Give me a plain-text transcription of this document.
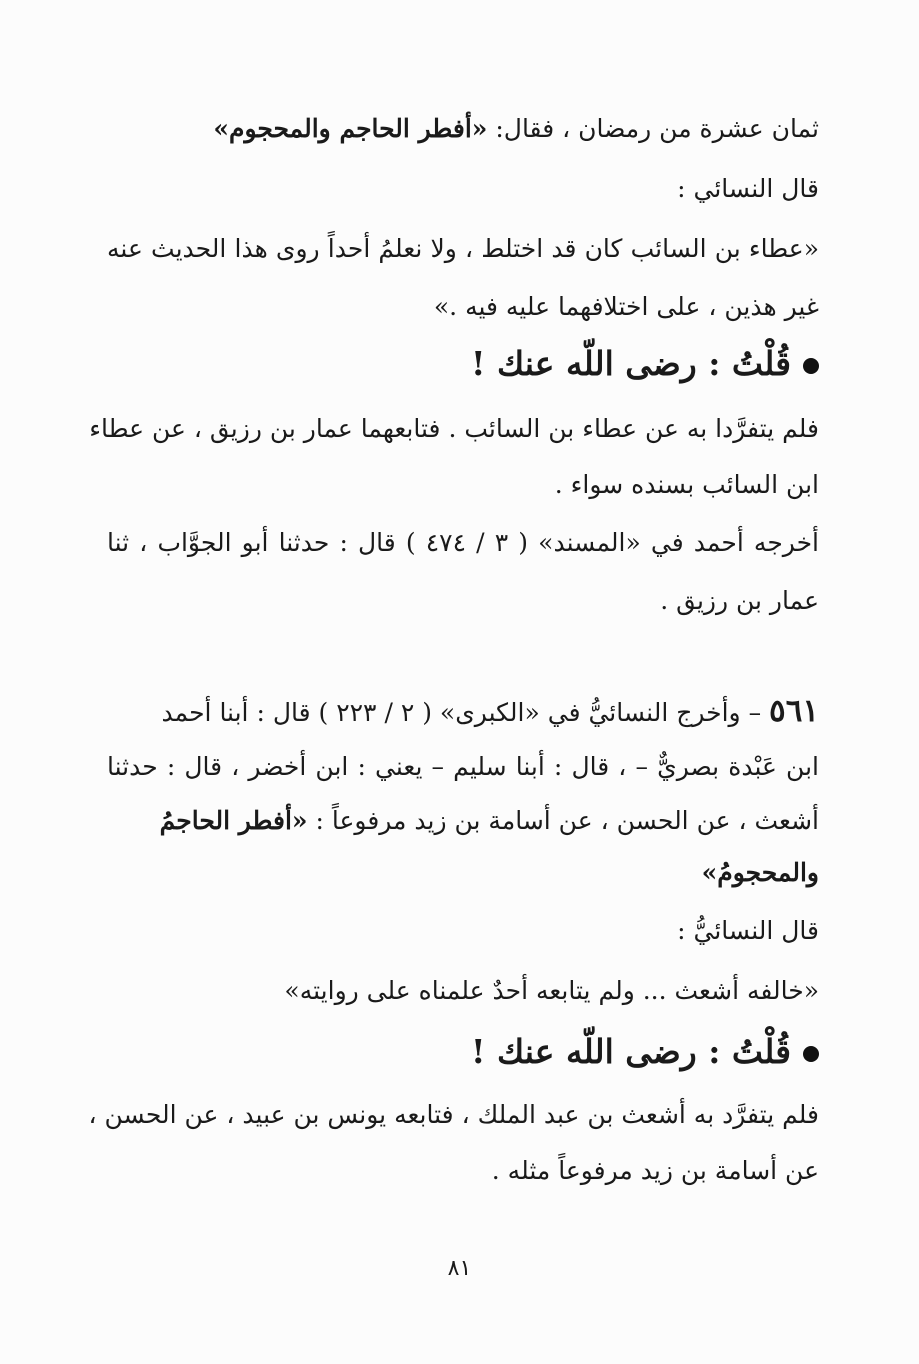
ثمان عشرة من رمضان ، فقال: «أفطر الحاجم والمحجوم»
قال النسائي :
«عطاء بن السائب كان قد اختلط ، ولا نعلمُ أحداً روى هذا الحديث عنه
غير هذين ، على اختلافهما عليه فيه .»
قُلْتُ : رضى اللّه عنك !
فلم يتفرَّدا به عن عطاء بن السائب . فتابعهما عمار بن رزيق ، عن عطاء
ابن السائب بسنده سواء .
أخرجه أحمد في «المسند» ( ٣ / ٤٧٤ ) قال : حدثنا أبو الجوَّاب ، ثنا
عمار بن رزيق .
٥٦١ – وأخرج النسائيُّ في «الكبرى» ( ٢ / ٢٢٣ ) قال : أبنا أحمد
ابن عَبْدة بصريٌّ – ، قال : أبنا سليم – يعني : ابن أخضر ، قال : حدثنا
أشعث ، عن الحسن ، عن أسامة بن زيد مرفوعاً : «أفطر الحاجمُ
والمحجومُ»
قال النسائيُّ :
«خالفه أشعث ... ولم يتابعه أحدٌ علمناه على روايته»
قُلْتُ : رضى اللّه عنك !
فلم يتفرَّد به أشعث بن عبد الملك ، فتابعه يونس بن عبيد ، عن الحسن ،
عن أسامة بن زيد مرفوعاً مثله .
٨١
